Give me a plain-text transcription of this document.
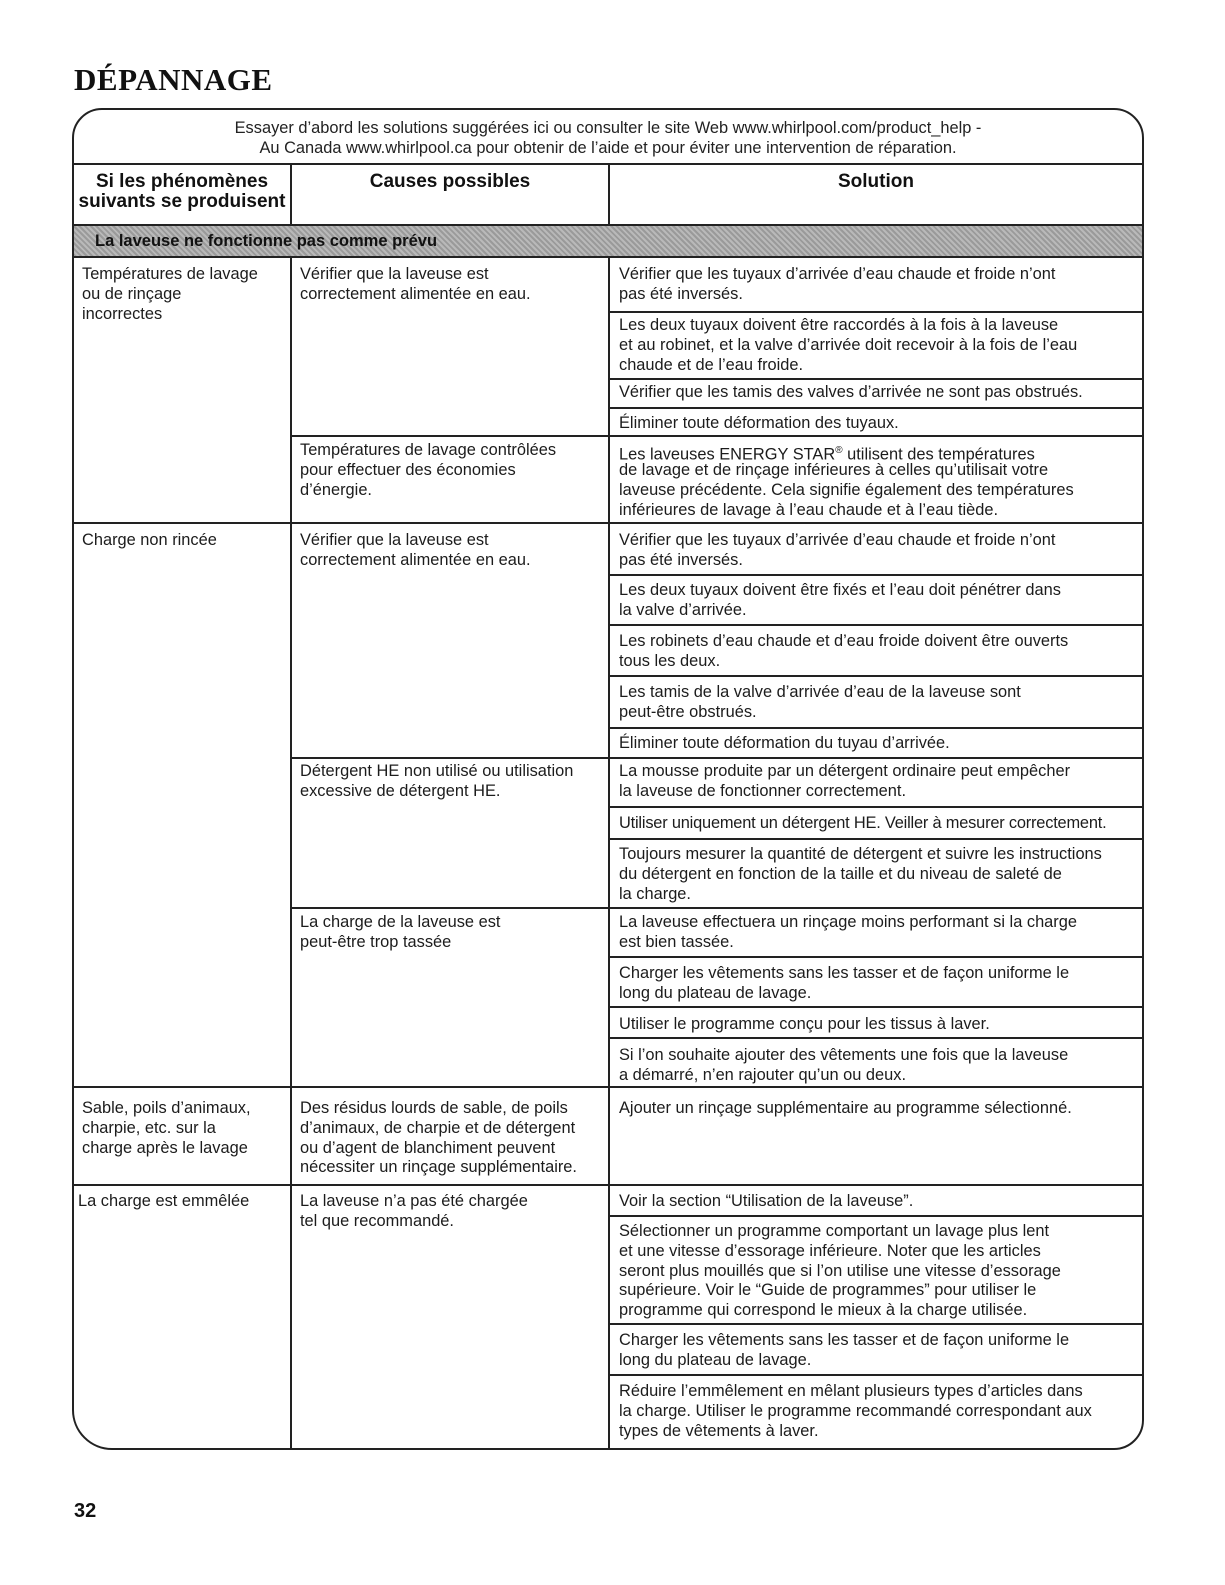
DÉPANNAGE
Essayer d’abord les solutions suggérées ici ou consulter le site Web www.whirlpool.com/product_help -
Au Canada www.whirlpool.ca pour obtenir de l’aide et pour éviter une intervention de réparation.
Si les phénomènes
suivants se produisent
Causes possibles	Solution
La laveuse ne fonctionne pas comme prévu
Températures de lavage
ou de rinçage
incorrectes
Charge non rincée
Sable, poils d’animaux,
charpie, etc. sur la
charge après le lavage
La charge est emmêlée
Vérifier que la laveuse est
correctement alimentée en eau.
Températures de lavage contrôlées
pour effectuer des économies
d’énergie.
Vérifier que la laveuse est
correctement alimentée en eau.
Détergent HE non utilisé ou utilisation
excessive de détergent HE.
La charge de la laveuse est
peut-être trop tassée
Des résidus lourds de sable, de poils
d’animaux, de charpie et de détergent
ou d’agent de blanchiment peuvent
nécessiter un rinçage supplémentaire.
La laveuse n’a pas été chargée
tel que recommandé.
Vérifier que les tuyaux d’arrivée d’eau chaude et froide n’ont
pas été inversés.
Les deux tuyaux doivent être raccordés à la fois à la laveuse
et au robinet, et la valve d’arrivée doit recevoir à la fois de l’eau
chaude et de l’eau froide.
Vérifier que les tamis des valves d’arrivée ne sont pas obstrués.
Éliminer toute déformation des tuyaux.
Les laveuses ENERGY STAR® utilisent des températures
de lavage et de rinçage inférieures à celles qu’utilisait votre
laveuse précédente. Cela signifie également des températures
inférieures de lavage à l’eau chaude et à l’eau tiède.
Vérifier que les tuyaux d’arrivée d’eau chaude et froide n’ont
pas été inversés.
Les deux tuyaux doivent être fixés et l’eau doit pénétrer dans
la valve d’arrivée.
Les robinets d’eau chaude et d’eau froide doivent être ouverts
tous les deux.
Les tamis de la valve d’arrivée d’eau de la laveuse sont
peut-être obstrués.
Éliminer toute déformation du tuyau d’arrivée.
La mousse produite par un détergent ordinaire peut empêcher
la laveuse de fonctionner correctement.
Utiliser uniquement un détergent HE. Veiller à mesurer correctement.
Toujours mesurer la quantité de détergent et suivre les instructions
du détergent en fonction de la taille et du niveau de saleté de
la charge.
La laveuse effectuera un rinçage moins performant si la charge
est bien tassée.
Charger les vêtements sans les tasser et de façon uniforme le
long du plateau de lavage.
Utiliser le programme conçu pour les tissus à laver.
Si l’on souhaite ajouter des vêtements une fois que la laveuse
a démarré, n’en rajouter qu’un ou deux.
Ajouter un rinçage supplémentaire au programme sélectionné.
Voir la section “Utilisation de la laveuse”.
Sélectionner un programme comportant un lavage plus lent
et une vitesse d’essorage inférieure. Noter que les articles
seront plus mouillés que si l’on utilise une vitesse d’essorage
supérieure. Voir le “Guide de programmes” pour utiliser le
programme qui correspond le mieux à la charge utilisée.
Charger les vêtements sans les tasser et de façon uniforme le
long du plateau de lavage.
Réduire l’emmêlement en mêlant plusieurs types d’articles dans
la charge. Utiliser le programme recommandé correspondant aux
types de vêtements à laver.
32
